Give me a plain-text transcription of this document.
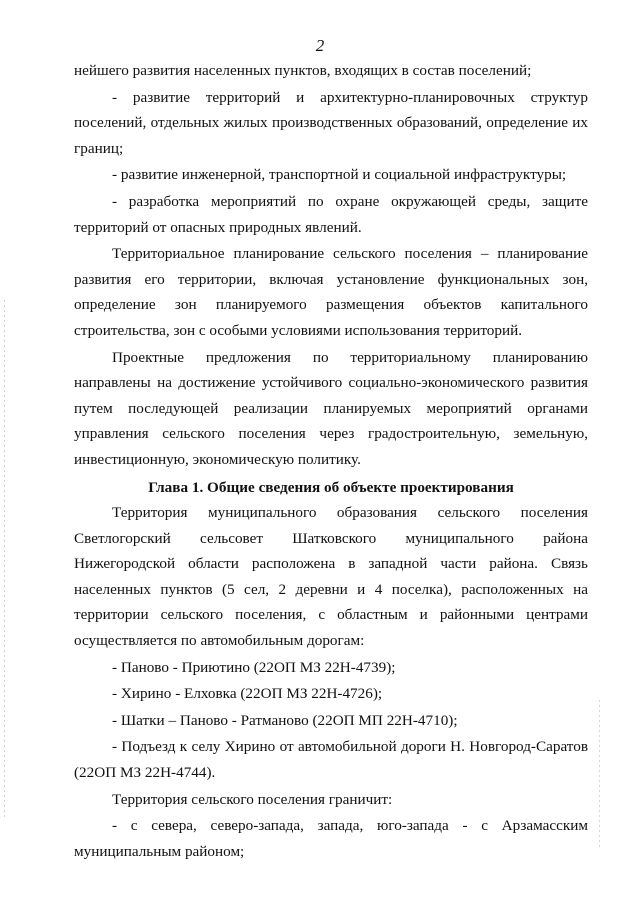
2

нейшего развития населенных пунктов, входящих в состав поселений;

- развитие территорий и архитектурно-планировочных структур поселений, отдельных жилых производственных образований, определение их границ;

- развитие инженерной, транспортной и социальной инфраструктуры;

- разработка мероприятий по охране окружающей среды, защите территорий от опасных природных явлений.

Территориальное планирование сельского поселения – планирование развития его территории, включая установление функциональных зон, определение зон планируемого размещения объектов капитального строительства, зон с особыми условиями использования территорий.

Проектные предложения по территориальному планированию направлены на достижение устойчивого социально-экономического развития путем последующей реализации планируемых мероприятий органами управления сельского поселения через градостроительную, земельную, инвестиционную, экономическую политику.

Глава 1. Общие сведения об объекте проектирования

Территория муниципального образования сельского поселения Светлогорский сельсовет Шатковского муниципального района Нижегородской области расположена в западной части района. Связь населенных пунктов (5 сел, 2 деревни и 4 поселка), расположенных на территории сельского поселения, с областным и районными центрами осуществляется по автомобильным дорогам:

- Паново - Приютино (22ОП МЗ 22Н-4739);

- Хирино - Елховка (22ОП МЗ 22Н-4726);

- Шатки – Паново - Ратманово (22ОП МП 22Н-4710);

- Подъезд к селу Хирино от автомобильной дороги Н. Новгород-Саратов (22ОП МЗ 22Н-4744).

Территория сельского поселения граничит:

- с севера, северо-запада, запада, юго-запада - с Арзамасским муниципальным районом;
